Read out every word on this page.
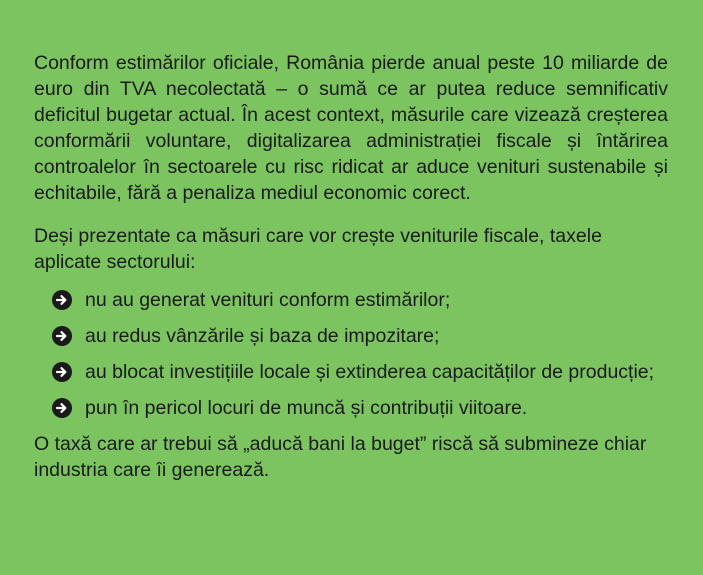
Conform estimărilor oficiale, România pierde anual peste 10 miliarde de euro din TVA necolectată – o sumă ce ar putea reduce semnificativ deficitul bugetar actual. În acest context, măsurile care vizează creșterea conformării voluntare, digitalizarea administrației fiscale și întărirea controalelor în sectoarele cu risc ridicat ar aduce venituri sustenabile și echitabile, fără a penaliza mediul economic corect.

Deși prezentate ca măsuri care vor crește veniturile fiscale, taxele aplicate sectorului:

nu au generat venituri conform estimărilor;
au redus vânzările și baza de impozitare;
au blocat investițiile locale și extinderea capacităților de producție;
pun în pericol locuri de muncă și contribuții viitoare.

O taxă care ar trebui să „aducă bani la buget” riscă să submineze chiar industria care îi generează.
